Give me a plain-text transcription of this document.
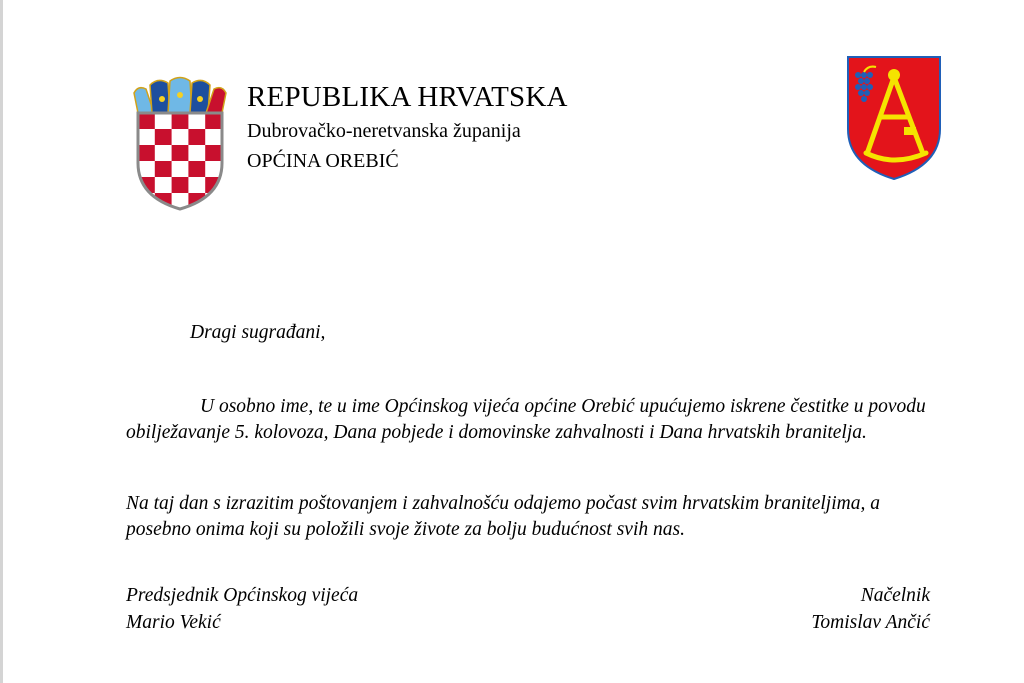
REPUBLIKA HRVATSKA
Dubrovačko-neretvanska županija
OPĆINA OREBIĆ
Dragi sugrađani,
U osobno ime, te u ime Općinskog vijeća općine Orebić upućujemo iskrene čestitke u povodu obilježavanje 5. kolovoza, Dana pobjede i domovinske zahvalnosti i Dana hrvatskih branitelja.
Na taj dan s izrazitim poštovanjem i zahvalnošću odajemo počast svim hrvatskim braniteljima, a posebno onima koji su položili svoje živote za bolju budućnost svih nas.
Predsjednik Općinskog vijeća
Mario Vekić
Načelnik
Tomislav Ančić
